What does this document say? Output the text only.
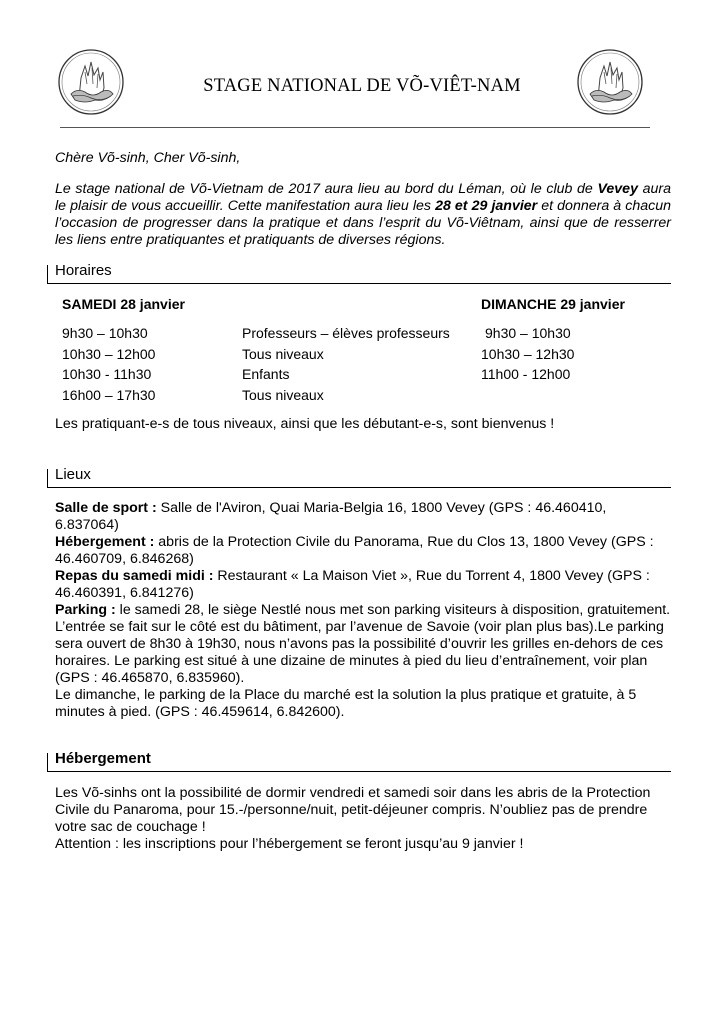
STAGE NATIONAL DE VÕ-VIÊT-NAM
Chère Võ-sinh, Cher Võ-sinh,

Le stage national de Võ-Vietnam de 2017 aura lieu au bord du Léman, où le club de Vevey aura le plaisir de vous accueillir. Cette manifestation aura lieu les 28 et 29 janvier et donnera à chacun l’occasion de progresser dans la pratique et dans l’esprit du Võ-Viêtnam, ainsi que de resserrer les liens entre pratiquantes et pratiquants de diverses régions.

Horaires
SAMEDI 28 janvier	DIMANCHE 29 janvier
9h30 – 10h30
10h30 – 12h00
10h30 - 11h30
16h00 – 17h30
Professeurs – élèves professeurs
Tous niveaux
Enfants
Tous niveaux
9h30 – 10h30
10h30 – 12h30
11h00 - 12h00
Les pratiquant-e-s de tous niveaux, ainsi que les débutant-e-s, sont bienvenus !
Lieux

Salle de sport : Salle de l'Aviron, Quai Maria-Belgia 16, 1800 Vevey (GPS : 46.460410, 6.837064)

Hébergement : abris de la Protection Civile du Panorama, Rue du Clos 13, 1800 Vevey (GPS : 46.460709, 6.846268)

Repas du samedi midi : Restaurant « La Maison Viet », Rue du Torrent 4, 1800 Vevey (GPS : 46.460391, 6.841276)

Parking : le samedi 28, le siège Nestlé nous met son parking visiteurs à disposition, gratuitement. L’entrée se fait sur le côté est du bâtiment, par l’avenue de Savoie (voir plan plus bas).Le parking sera ouvert de 8h30 à 19h30, nous n’avons pas la possibilité d’ouvrir les grilles en-dehors de ces horaires. Le parking est situé à une dizaine de minutes à pied du lieu d’entraînement, voir plan (GPS : 46.465870, 6.835960).

Le dimanche, le parking de la Place du marché est la solution la plus pratique et gratuite, à 5 minutes à pied. (GPS : 46.459614, 6.842600).

Hébergement

Les Võ-sinhs ont la possibilité de dormir vendredi et samedi soir dans les abris de la Protection Civile du Panaroma, pour 15.-/personne/nuit, petit-déjeuner compris. N’oubliez pas de prendre votre sac de couchage !

Attention : les inscriptions pour l’hébergement se feront jusqu’au 9 janvier !
